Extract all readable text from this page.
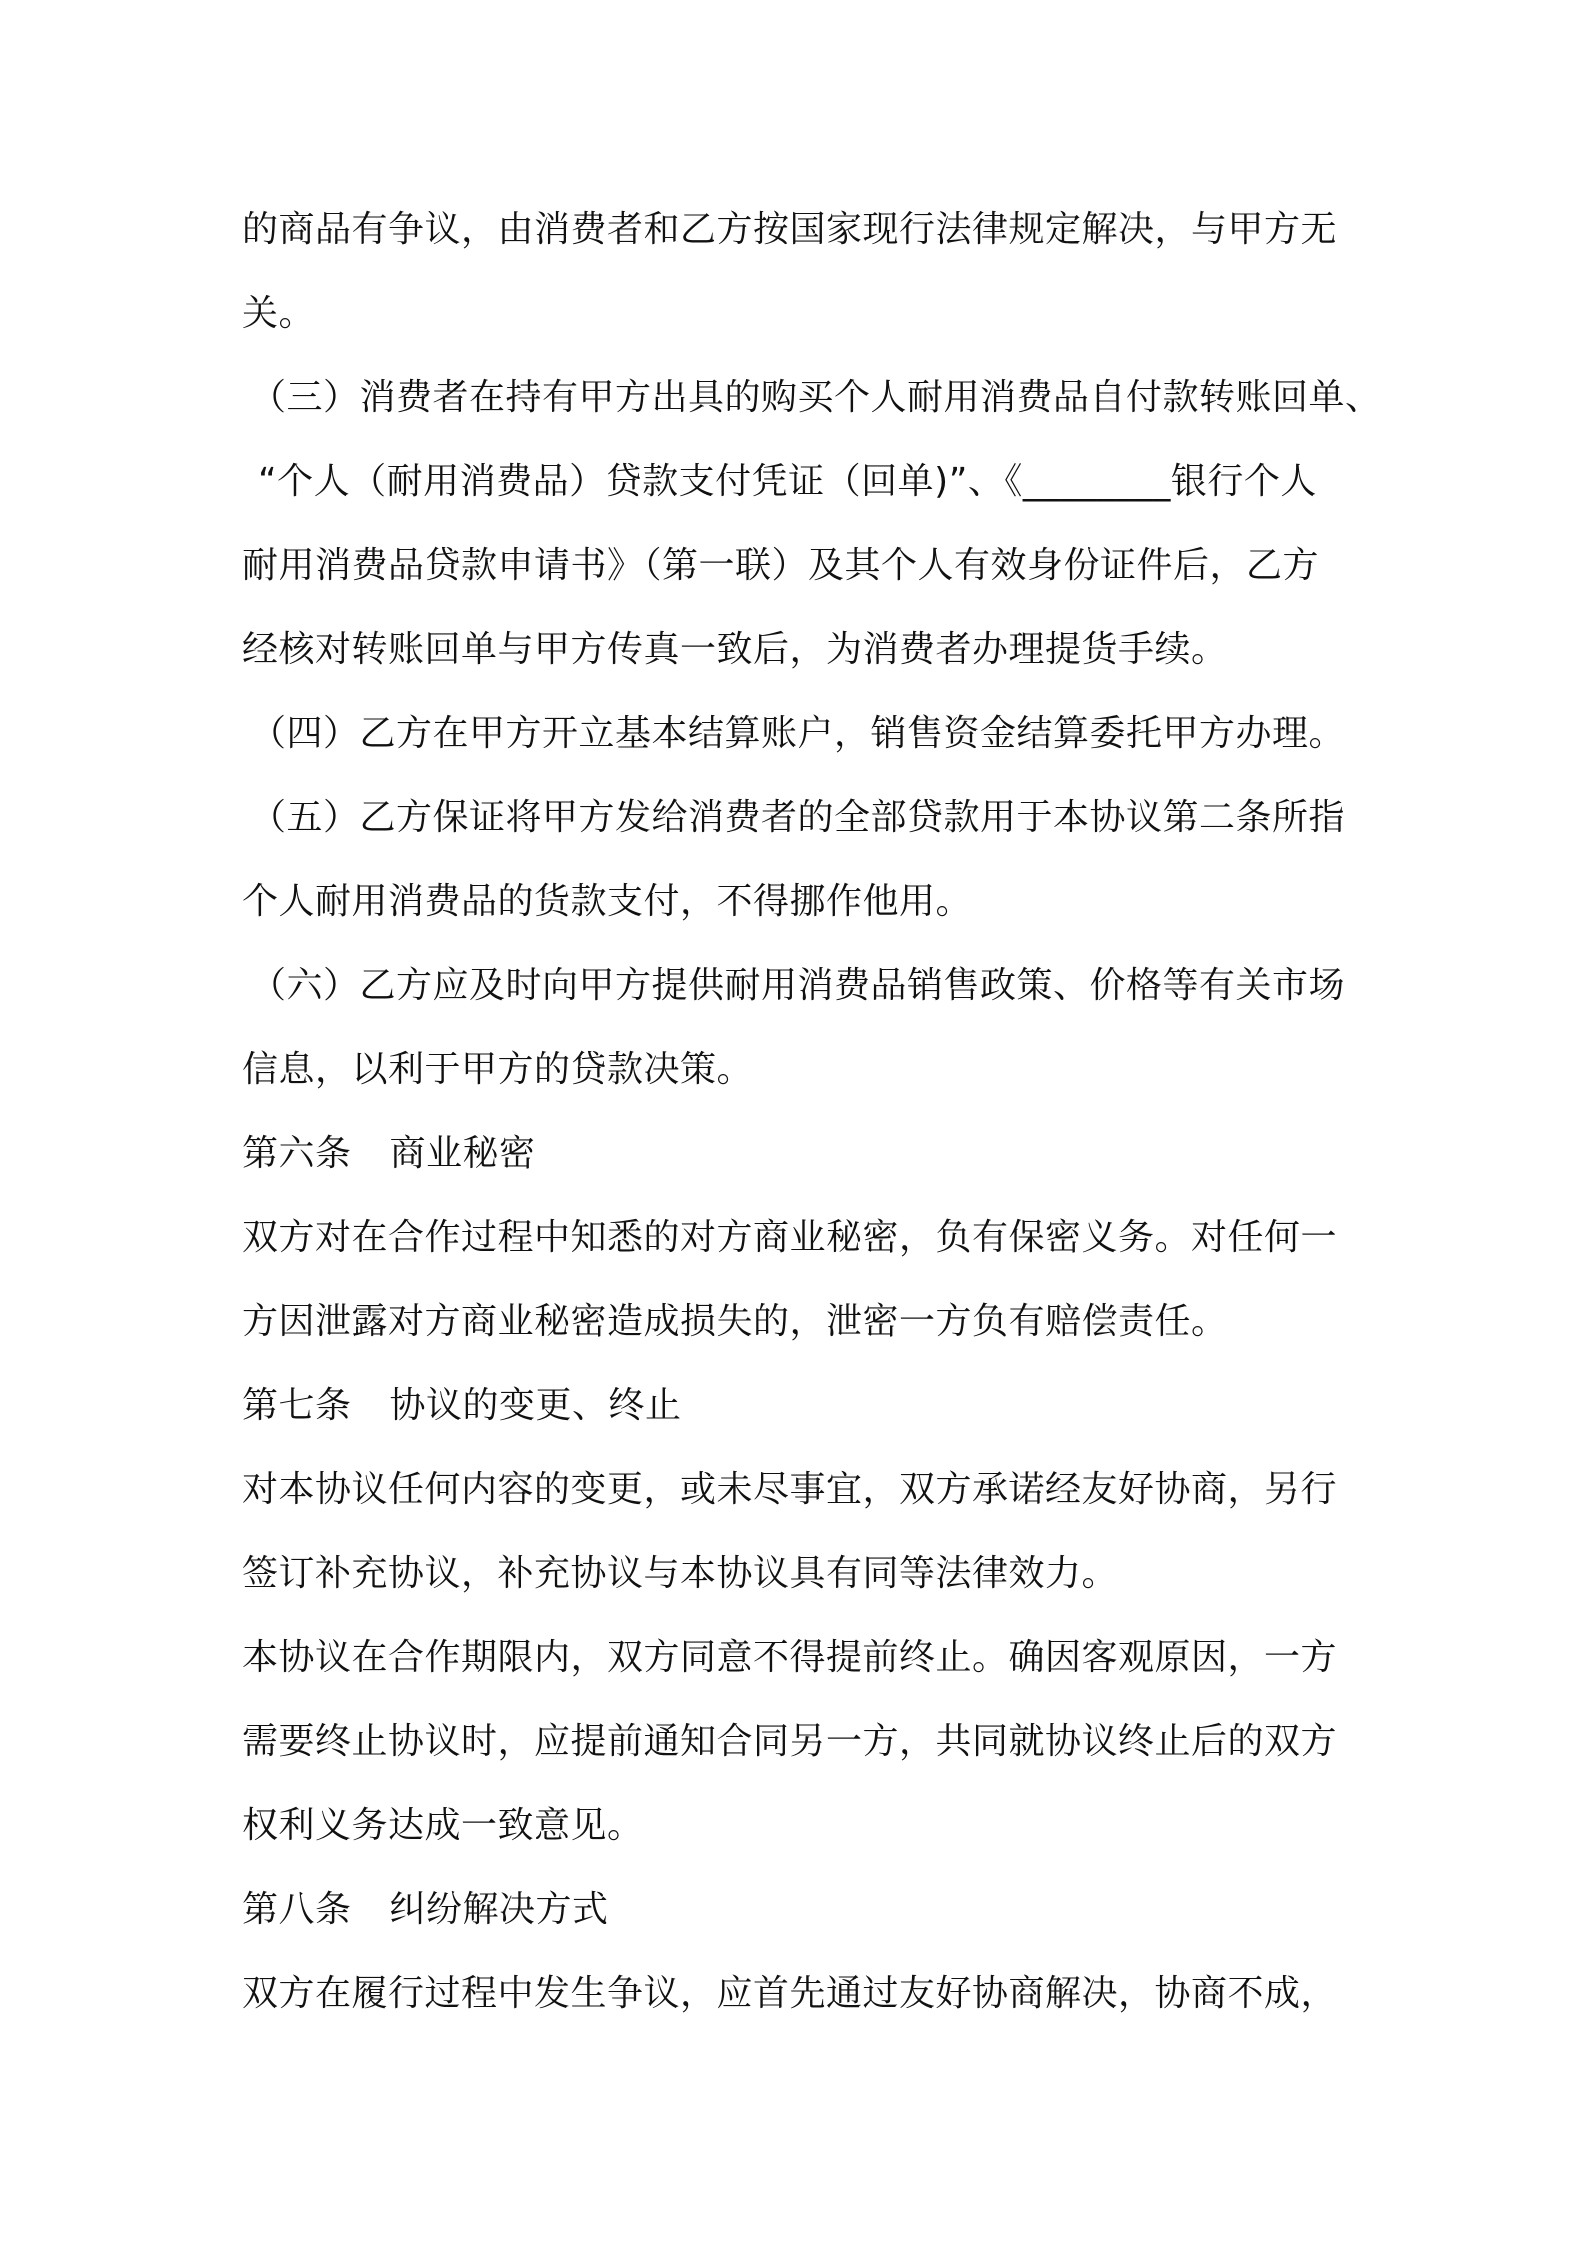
的商品有争议，由消费者和乙方按国家现行法律规定解决，与甲方无
关。
（三）消费者在持有甲方出具的购买个人耐用消费品自付款转账回单、
“个人（耐用消费品）贷款支付凭证（回单)”、《________银行个人
耐用消费品贷款申请书》（第一联）及其个人有效身份证件后，乙方
经核对转账回单与甲方传真一致后，为消费者办理提货手续。
（四）乙方在甲方开立基本结算账户，销售资金结算委托甲方办理。
（五）乙方保证将甲方发给消费者的全部贷款用于本协议第二条所指
个人耐用消费品的货款支付，不得挪作他用。
（六）乙方应及时向甲方提供耐用消费品销售政策、价格等有关市场
信息，以利于甲方的贷款决策。
第六条 商业秘密
双方对在合作过程中知悉的对方商业秘密，负有保密义务。对任何一
方因泄露对方商业秘密造成损失的，泄密一方负有赔偿责任。
第七条 协议的变更、终止
对本协议任何内容的变更，或未尽事宜，双方承诺经友好协商，另行
签订补充协议，补充协议与本协议具有同等法律效力。
本协议在合作期限内，双方同意不得提前终止。确因客观原因，一方
需要终止协议时，应提前通知合同另一方，共同就协议终止后的双方
权利义务达成一致意见。
第八条 纠纷解决方式
双方在履行过程中发生争议，应首先通过友好协商解决，协商不成，
